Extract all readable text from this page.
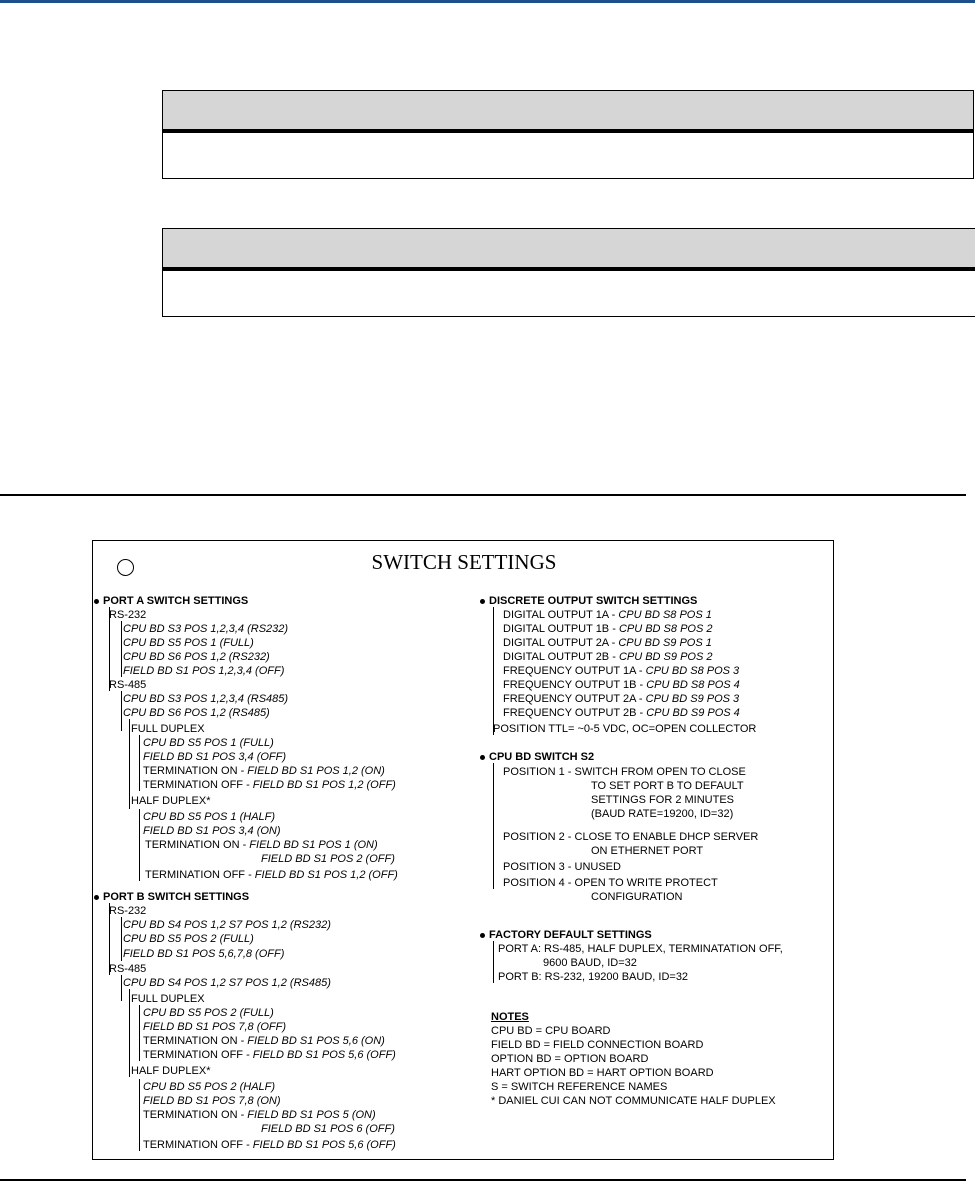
SWITCH SETTINGS
PORT A SWITCH SETTINGS
RS-232
CPU BD S3 POS 1,2,3,4 (RS232)
CPU BD S5 POS 1 (FULL)
CPU BD S6 POS 1,2 (RS232)
FIELD BD S1 POS 1,2,3,4 (OFF)
RS-485
CPU BD S3 POS 1,2,3,4 (RS485)
CPU BD S6 POS 1,2 (RS485)
FULL DUPLEX
CPU BD S5 POS 1 (FULL)
FIELD BD S1 POS 3,4 (OFF)
TERMINATION ON - FIELD BD S1 POS 1,2 (ON)
TERMINATION OFF - FIELD BD S1 POS 1,2 (OFF)
HALF DUPLEX*
CPU BD S5 POS 1 (HALF)
FIELD BD S1 POS 3,4 (ON)
TERMINATION ON - FIELD BD S1 POS 1 (ON)
FIELD BD S1 POS 2 (OFF)
TERMINATION OFF - FIELD BD S1 POS 1,2 (OFF)
PORT B SWITCH SETTINGS
RS-232
CPU BD S4 POS 1,2 S7 POS 1,2 (RS232)
CPU BD S5 POS 2 (FULL)
FIELD BD S1 POS 5,6,7,8 (OFF)
RS-485
CPU BD S4 POS 1,2 S7 POS 1,2 (RS485)
FULL DUPLEX
CPU BD S5 POS 2 (FULL)
FIELD BD S1 POS 7,8 (OFF)
TERMINATION ON - FIELD BD S1 POS 5,6 (ON)
TERMINATION OFF - FIELD BD S1 POS 5,6 (OFF)
HALF DUPLEX*
CPU BD S5 POS 2 (HALF)
FIELD BD S1 POS 7,8 (ON)
TERMINATION ON - FIELD BD S1 POS 5 (ON)
FIELD BD S1 POS 6 (OFF)
TERMINATION OFF - FIELD BD S1 POS 5,6 (OFF)
DISCRETE OUTPUT SWITCH SETTINGS
DIGITAL OUTPUT 1A - CPU BD S8 POS 1
DIGITAL OUTPUT 1B - CPU BD S8 POS 2
DIGITAL OUTPUT 2A - CPU BD S9 POS 1
DIGITAL OUTPUT 2B - CPU BD S9 POS 2
FREQUENCY OUTPUT 1A - CPU BD S8 POS 3
FREQUENCY OUTPUT 1B - CPU BD S8 POS 4
FREQUENCY OUTPUT 2A - CPU BD S9 POS 3
FREQUENCY OUTPUT 2B - CPU BD S9 POS 4
POSITION TTL= ~0-5 VDC, OC=OPEN COLLECTOR
CPU BD SWITCH S2
POSITION 1 - SWITCH FROM OPEN TO CLOSE
TO SET PORT B TO DEFAULT
SETTINGS FOR 2 MINUTES
(BAUD RATE=19200, ID=32)
POSITION 2 - CLOSE TO ENABLE DHCP SERVER
ON ETHERNET PORT
POSITION 3 - UNUSED
POSITION 4 - OPEN TO WRITE PROTECT
CONFIGURATION
FACTORY DEFAULT SETTINGS
PORT A: RS-485, HALF DUPLEX, TERMINATATION OFF,
9600 BAUD, ID=32
PORT B: RS-232, 19200 BAUD, ID=32
NOTES
CPU BD = CPU BOARD
FIELD BD = FIELD CONNECTION BOARD
OPTION BD = OPTION BOARD
HART OPTION BD = HART OPTION BOARD
S = SWITCH REFERENCE NAMES
* DANIEL CUI CAN NOT COMMUNICATE HALF DUPLEX
